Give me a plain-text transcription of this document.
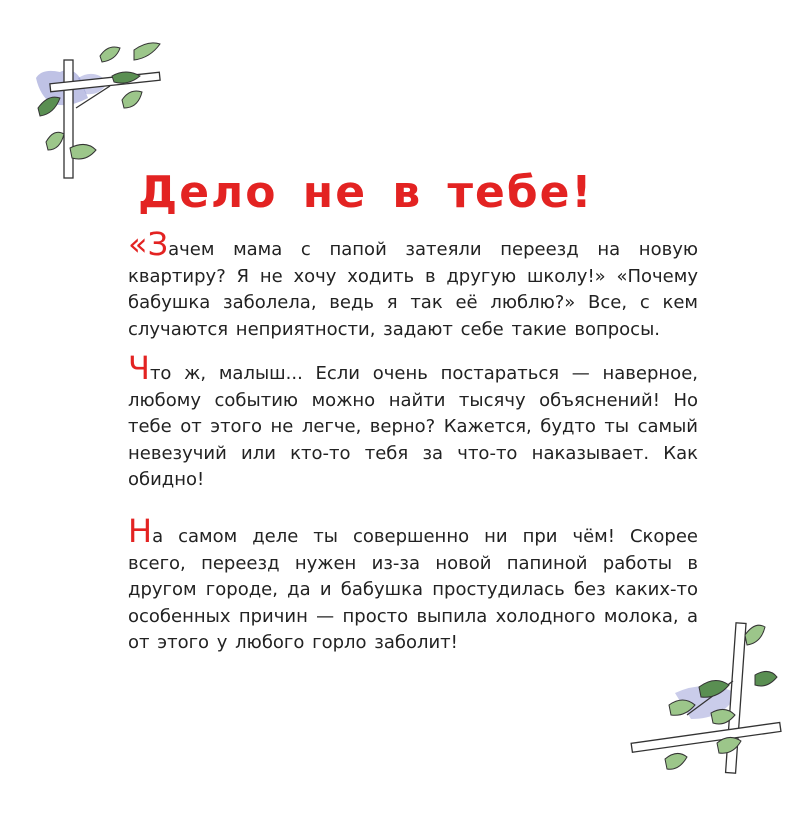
Дело не в тебе!

«Зачем мама с папой затеяли переезд на новую квартиру? Я не хочу ходить в другую школу!» «Почему бабушка заболела, ведь я так её люблю?» Все, с кем случаются неприятности, задают себе такие вопросы.

Что ж, малыш... Если очень постараться — наверное, любому событию можно найти тысячу объяснений! Но тебе от этого не легче, верно? Кажется, будто ты самый невезучий или кто-то тебя за что-то наказывает. Как обидно!

На самом деле ты совершенно ни при чём! Скорее всего, переезд нужен из-за новой папиной работы в другом городе, да и бабушка простудилась без каких-то особенных причин — просто выпила холодного молока, а от этого у любого горло заболит!
